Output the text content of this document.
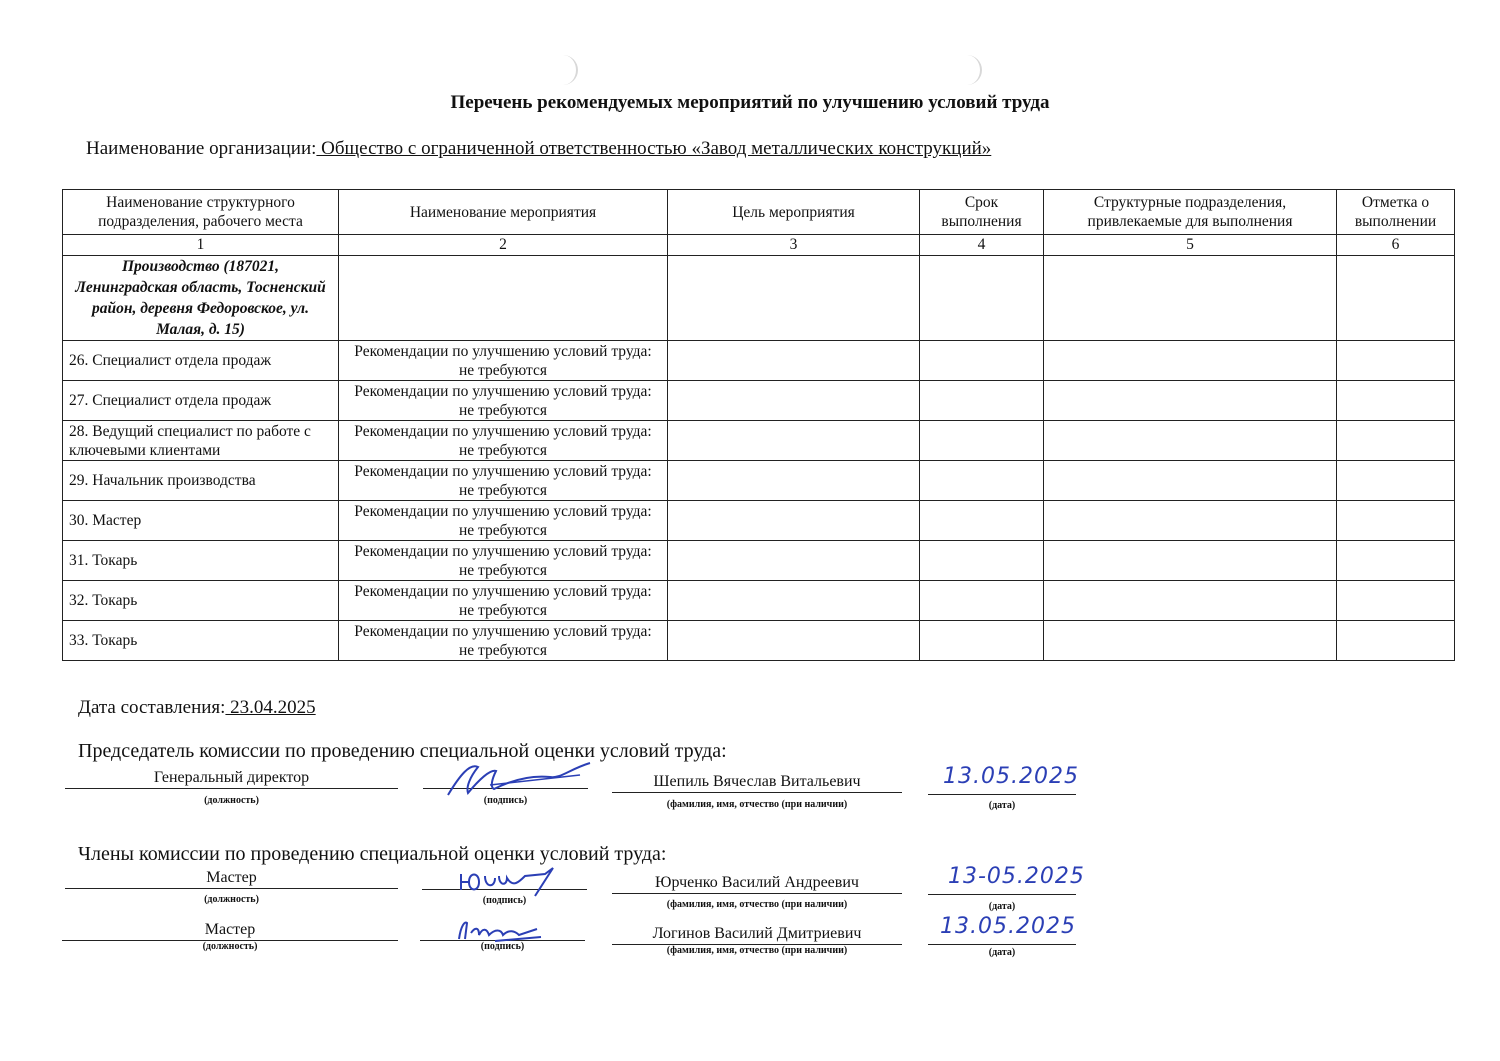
Перечень рекомендуемых мероприятий по улучшению условий труда
Наименование организации: Общество с ограниченной ответственностью «Завод металлических конструкций»
Наименование структурного подразделения, рабочего места	Наименование мероприятия	Цель мероприятия	Срок выполнения	Структурные подразделения, привлекаемые для выполнения	Отметка о выполнении
1	2	3	4	5	6
Производство (187021, Ленинградская область, Тосненский район, деревня Федоровское, ул. Малая, д. 15)					
26. Специалист отдела продаж	Рекомендации по улучшению условий труда: не требуются				
27. Специалист отдела продаж	Рекомендации по улучшению условий труда: не требуются				
28. Ведущий специалист по работе с ключевыми клиентами	Рекомендации по улучшению условий труда: не требуются				
29. Начальник производства	Рекомендации по улучшению условий труда: не требуются				
30. Мастер	Рекомендации по улучшению условий труда: не требуются				
31. Токарь	Рекомендации по улучшению условий труда: не требуются				
32. Токарь	Рекомендации по улучшению условий труда: не требуются				
33. Токарь	Рекомендации по улучшению условий труда: не требуются				
Дата составления: 23.04.2025
Председатель комиссии по проведению специальной оценки условий труда:
Генеральный директор
(должность)	(подпись)
Шепиль Вячеслав Витальевич
(фамилия, имя, отчество (при наличии)
13.05.2025
(дата)
Члены комиссии по проведению специальной оценки условий труда:
Мастер
(должность)	(подпись)
Юрченко Василий Андреевич
(фамилия, имя, отчество (при наличии)
13-05.2025
(дата)
Мастер
(должность)	(подпись)
Логинов Василий Дмитриевич
(фамилия, имя, отчество (при наличии)
13.05.2025
(дата)
